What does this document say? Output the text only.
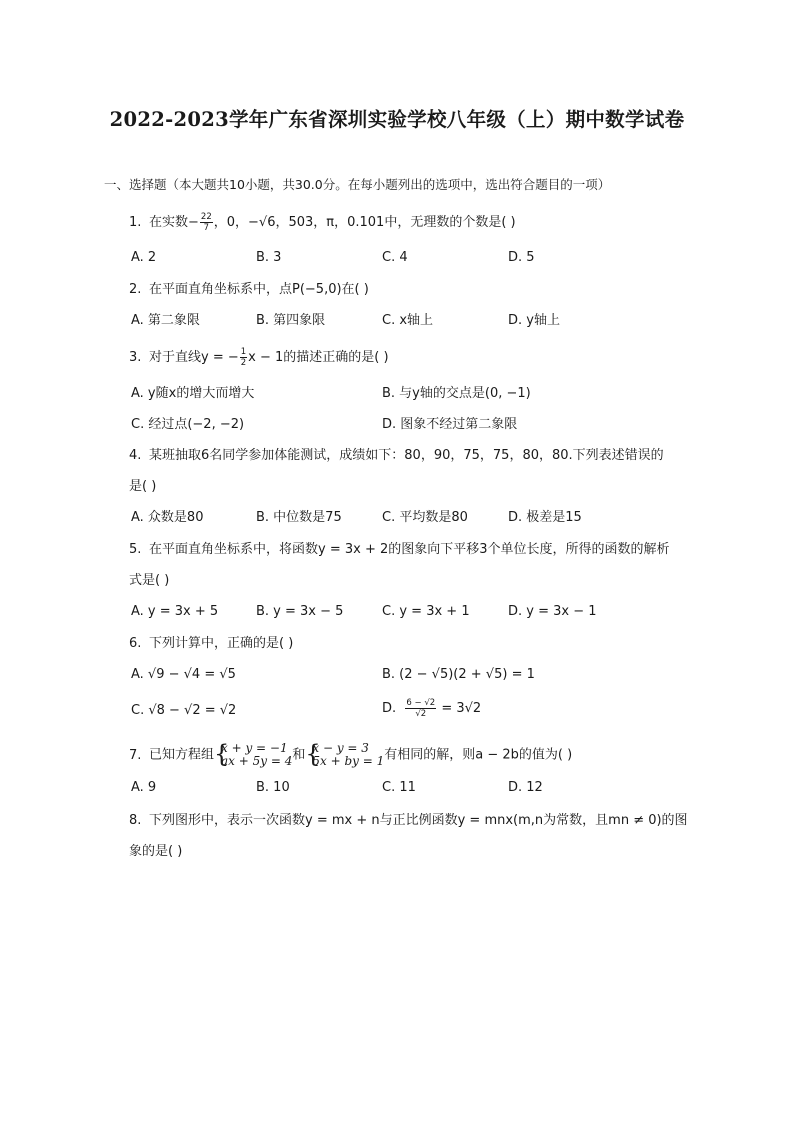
2022-2023学年广东省深圳实验学校八年级（上）期中数学试卷
一、选择题（本大题共10小题，共30.0分。在每小题列出的选项中，选出符合题目的一项）
1. 在实数− $\frac{22}{7}$ ，0，−√6，503，π，0.101中，无理数的个数是( )
A. 2	B. 3	C. 4	D. 5
2. 在平面直角坐标系中，点P(−5,0)在( )
A. 第二象限	B. 第四象限	C. x轴上	D. y轴上
3. 对于直线y = − $\frac{1}{2}$ x − 1的描述正确的是( )
A. y随x的增大而增大	B. 与y轴的交点是(0, −1)
C. 经过点(−2, −2)	D. 图象不经过第二象限
4. 某班抽取6名同学参加体能测试，成绩如下：80，90，75，75，80，80.下列表述错误的
是( )
A. 众数是80	B. 中位数是75	C. 平均数是80	D. 极差是15
5. 在平面直角坐标系中，将函数y = 3x + 2的图象向下平移3个单位长度，所得的函数的解析
式是( )
A. y = 3x + 5	B. y = 3x − 5	C. y = 3x + 1	D. y = 3x − 1
6. 下列计算中，正确的是( )
A. √9 − √4 = √5	B. (2 − √5)(2 + √5) = 1
C. √8 − √2 = √2	D. $\frac{6 - √2}{√2} = 3√2$
7. 已知方程组 {
x + y = −1
ax + 5y = 4 和 {
x − y = 3
5x + by = 1 有相同的解，则a − 2b的值为( )
A. 9	B. 10	C. 11	D. 12
8. 下列图形中，表示一次函数y = mx + n与正比例函数y = mnx(m,n为常数，且mn ≠ 0)的图
象的是( )
